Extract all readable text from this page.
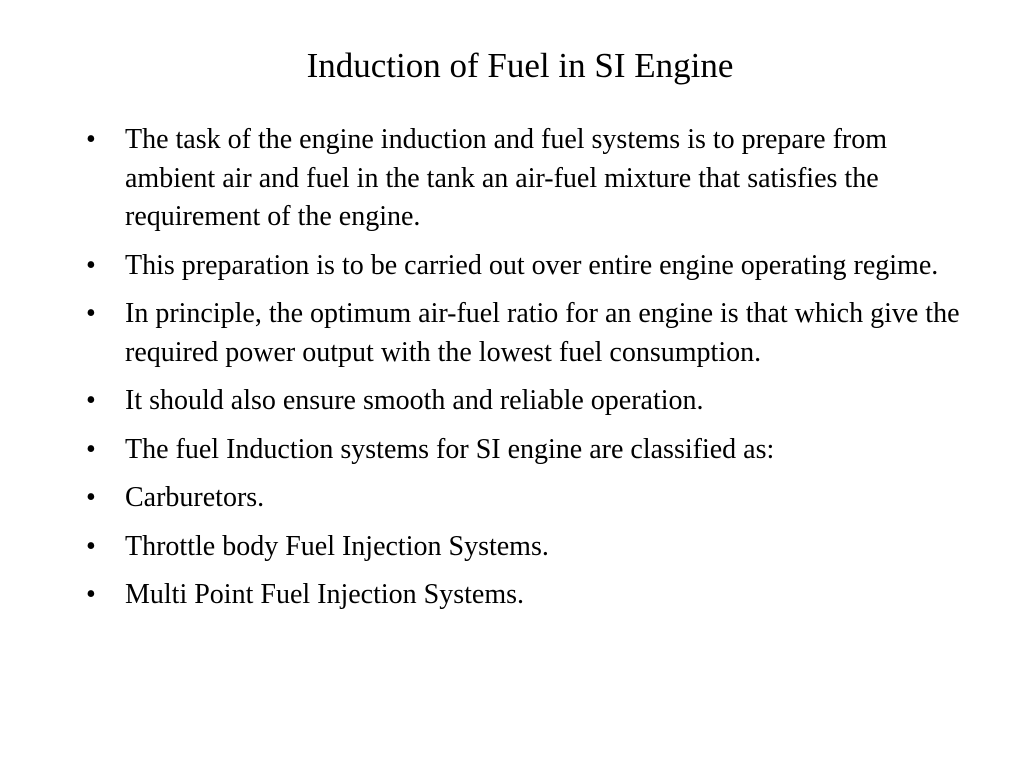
Induction of Fuel in SI Engine
•	The task of the engine induction and fuel systems is to prepare from ambient air and fuel in the tank an air-fuel mixture that satisfies the requirement of the engine.
•	This preparation is to be carried out over entire engine operating regime.
•	In principle, the optimum air-fuel ratio for an engine is that which give the required power output with the lowest fuel consumption.
•	It should also ensure smooth and reliable operation.
•	The fuel Induction systems for SI engine are classified as:
•	Carburetors.
•	Throttle body Fuel Injection Systems.
•	Multi Point Fuel Injection Systems.
